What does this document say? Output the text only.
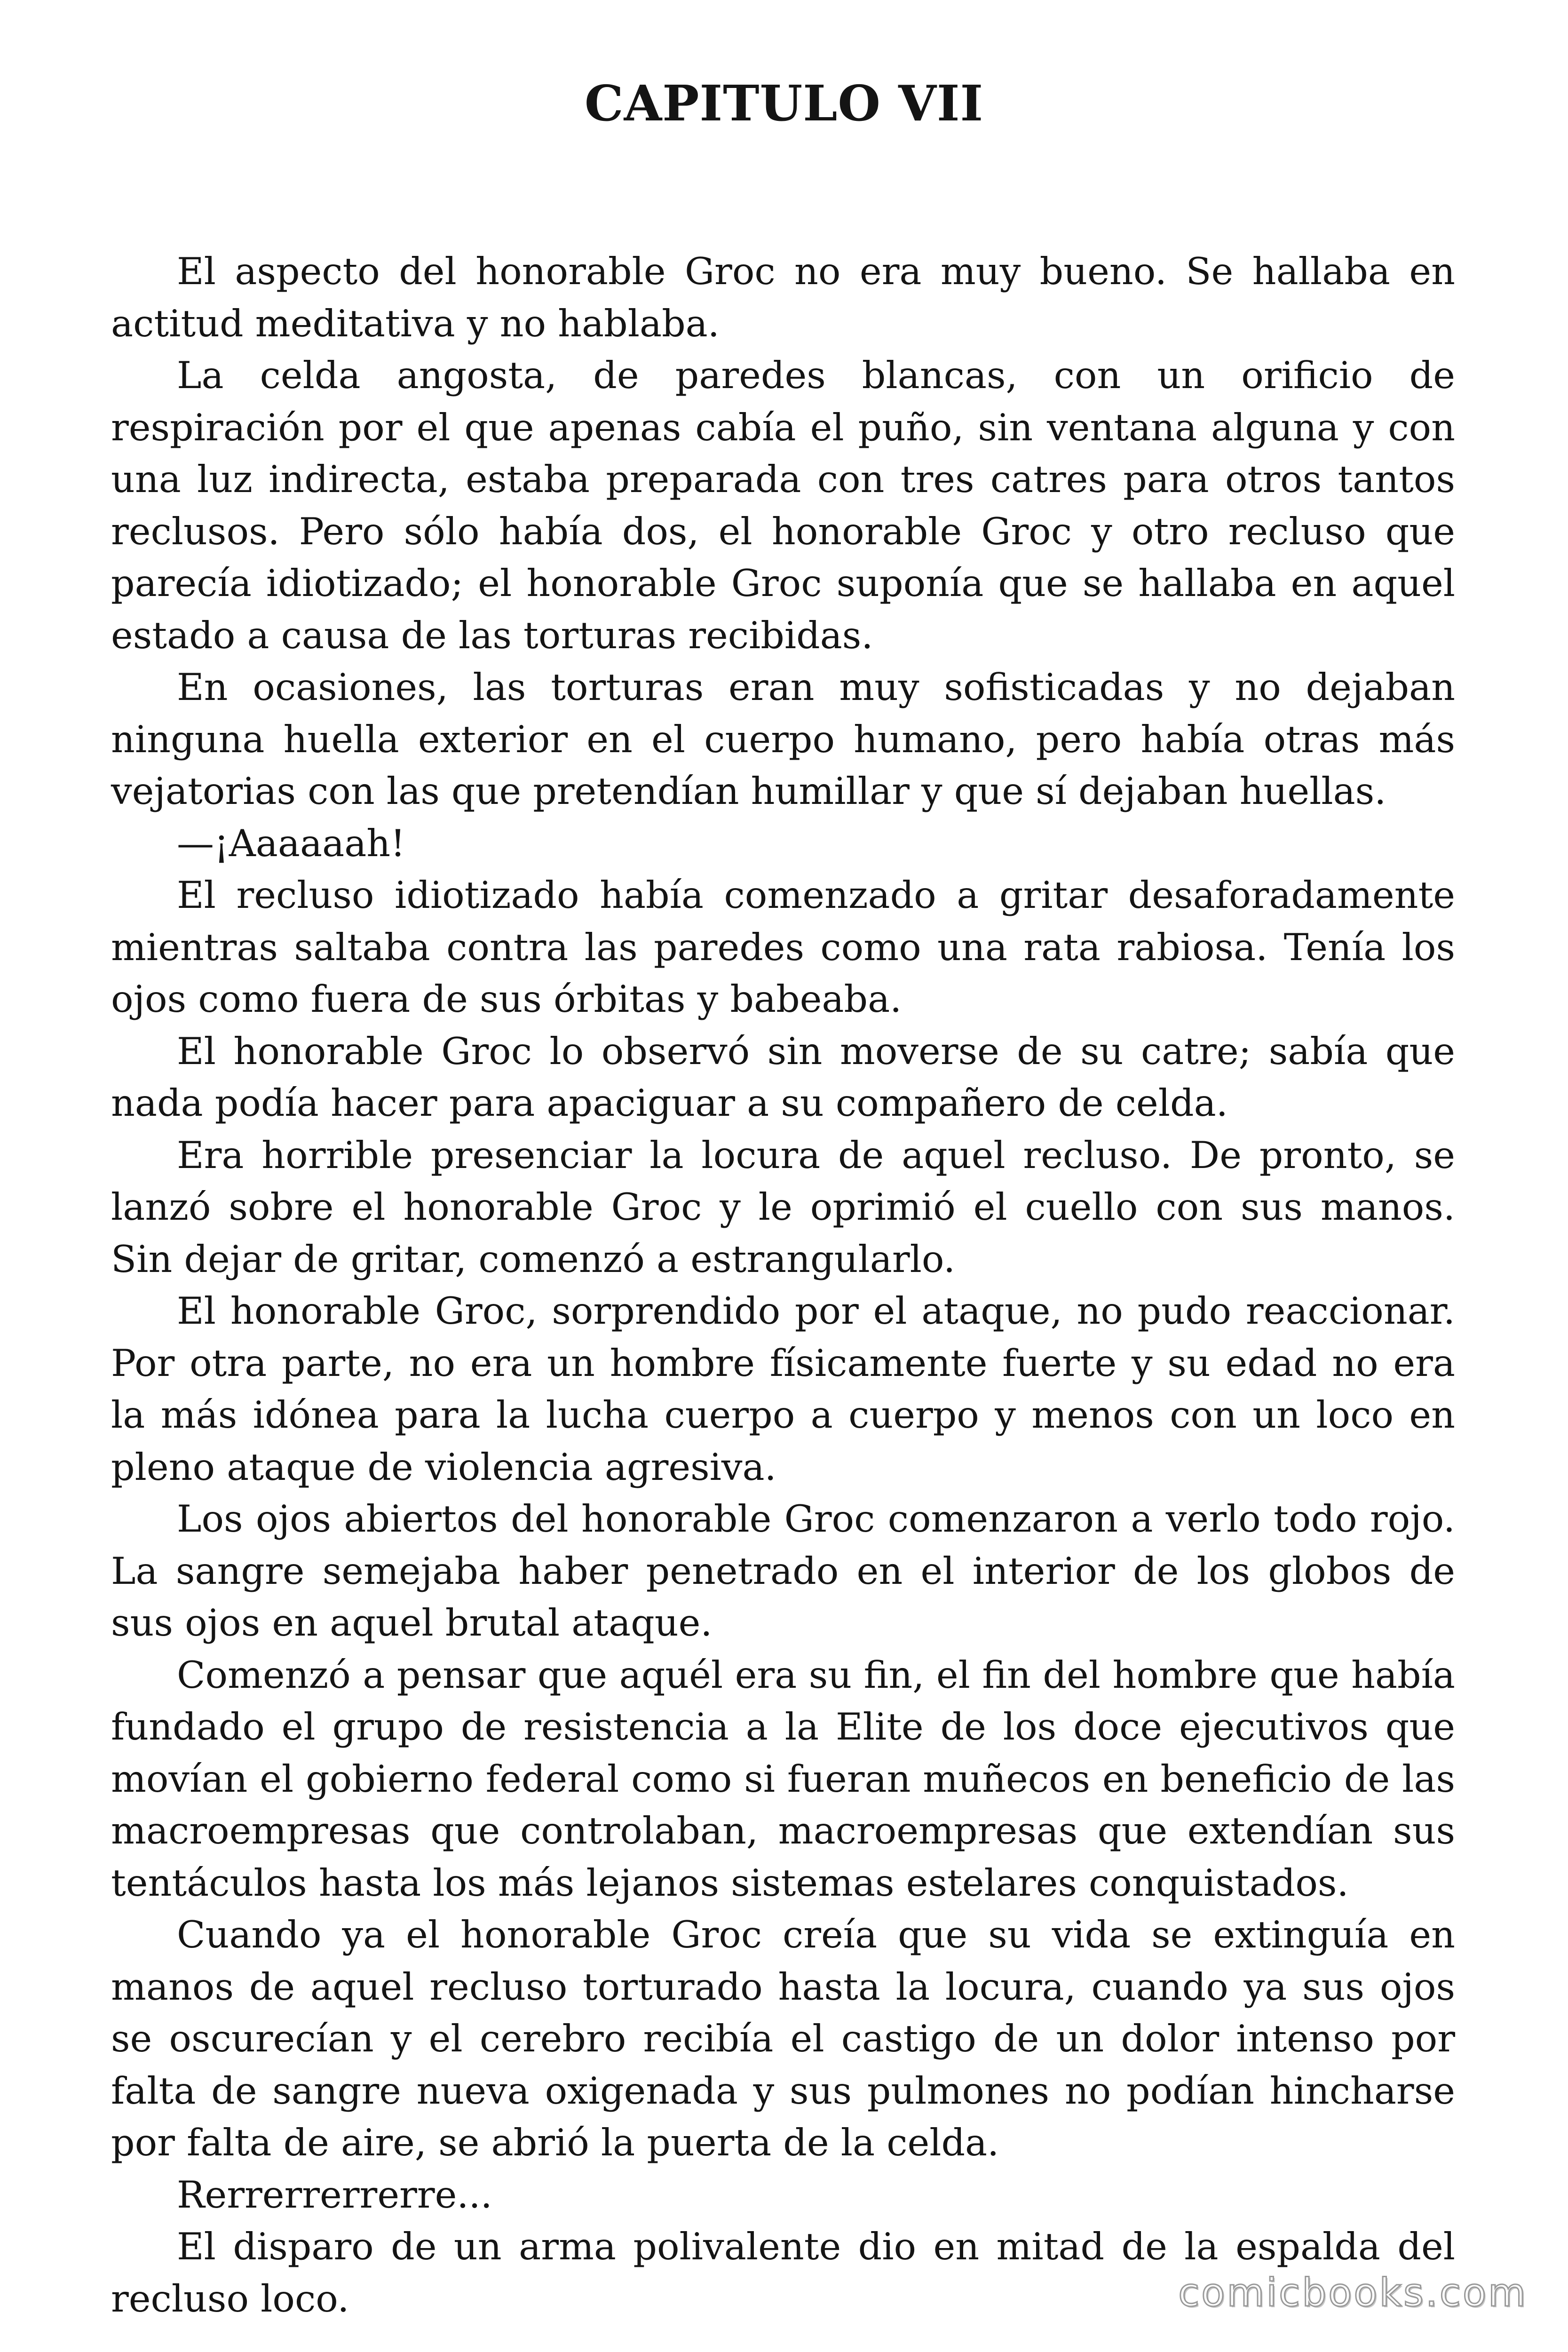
CAPITULO VII

El aspecto del honorable Groc no era muy bueno. Se hallaba en actitud meditativa y no hablaba.

La celda angosta, de paredes blancas, con un orificio de respiración por el que apenas cabía el puño, sin ventana alguna y con una luz indirecta, estaba preparada con tres catres para otros tantos reclusos. Pero sólo había dos, el honorable Groc y otro recluso que parecía idiotizado; el honorable Groc suponía que se hallaba en aquel estado a causa de las torturas recibidas.

En ocasiones, las torturas eran muy sofisticadas y no dejaban ninguna huella exterior en el cuerpo humano, pero había otras más vejatorias con las que pretendían humillar y que sí dejaban huellas.

—¡Aaaaaah!

El recluso idiotizado había comenzado a gritar desaforadamente mientras saltaba contra las paredes como una rata rabiosa. Tenía los ojos como fuera de sus órbitas y babeaba.

El honorable Groc lo observó sin moverse de su catre; sabía que nada podía hacer para apaciguar a su compañero de celda.

Era horrible presenciar la locura de aquel recluso. De pronto, se lanzó sobre el honorable Groc y le oprimió el cuello con sus manos. Sin dejar de gritar, comenzó a estrangularlo.

El honorable Groc, sorprendido por el ataque, no pudo reaccionar. Por otra parte, no era un hombre físicamente fuerte y su edad no era la más idónea para la lucha cuerpo a cuerpo y menos con un loco en pleno ataque de violencia agresiva.

Los ojos abiertos del honorable Groc comenzaron a verlo todo rojo. La sangre semejaba haber penetrado en el interior de los globos de sus ojos en aquel brutal ataque.

Comenzó a pensar que aquél era su fin, el fin del hombre que había fundado el grupo de resistencia a la Elite de los doce ejecutivos que movían el gobierno federal como si fueran muñecos en beneficio de las macroempresas que controlaban, macroempresas que extendían sus tentáculos hasta los más lejanos sistemas estelares conquistados.

Cuando ya el honorable Groc creía que su vida se extinguía en manos de aquel recluso torturado hasta la locura, cuando ya sus ojos se oscurecían y el cerebro recibía el castigo de un dolor intenso por falta de sangre nueva oxigenada y sus pulmones no podían hincharse por falta de aire, se abrió la puerta de la celda.

Rerrerrerrerre...

El disparo de un arma polivalente dio en mitad de la espalda del recluso loco.	comicbooks.com
